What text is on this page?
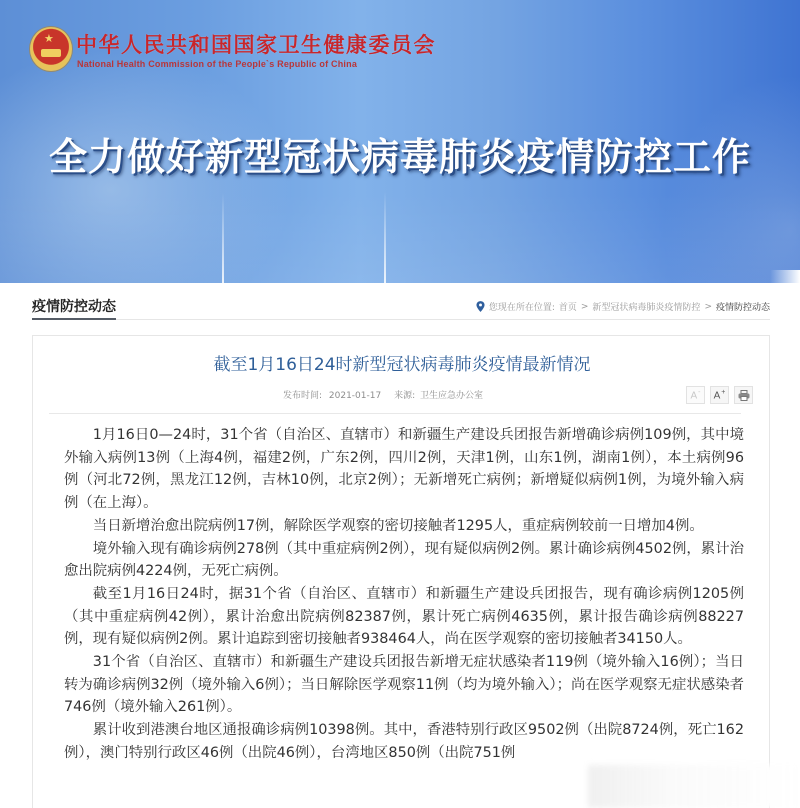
★ 中华人民共和国国家卫生健康委员会
National Health Commission of the People`s Republic of China
全力做好新型冠状病毒肺炎疫情防控工作
疫情防控动态	您现在所在位置: 首页 > 新型冠状病毒肺炎疫情防控 > 疫情防控动态
截至1月16日24时新型冠状病毒肺炎疫情最新情况
发布时间: 2021-01-17 来源: 卫生应急办公室	A- A+

1月16日0—24时，31个省（自治区、直辖市）和新疆生产建设兵团报告新增确诊病例109例，其中境外输入病例13例（上海4例，福建2例，广东2例，四川2例，天津1例，山东1例，湖南1例），本土病例96例（河北72例，黑龙江12例，吉林10例，北京2例）；无新增死亡病例；新增疑似病例1例，为境外输入病例（在上海）。

当日新增治愈出院病例17例，解除医学观察的密切接触者1295人，重症病例较前一日增加4例。

境外输入现有确诊病例278例（其中重症病例2例），现有疑似病例2例。累计确诊病例4502例，累计治愈出院病例4224例，无死亡病例。

截至1月16日24时，据31个省（自治区、直辖市）和新疆生产建设兵团报告，现有确诊病例1205例（其中重症病例42例），累计治愈出院病例82387例，累计死亡病例4635例，累计报告确诊病例88227例，现有疑似病例2例。累计追踪到密切接触者938464人，尚在医学观察的密切接触者34150人。

31个省（自治区、直辖市）和新疆生产建设兵团报告新增无症状感染者119例（境外输入16例）；当日转为确诊病例32例（境外输入6例）；当日解除医学观察11例（均为境外输入）；尚在医学观察无症状感染者746例（境外输入261例）。

累计收到港澳台地区通报确诊病例10398例。其中，香港特别行政区9502例（出院8724例，死亡162例），澳门特别行政区46例（出院46例），台湾地区850例（出院751例
